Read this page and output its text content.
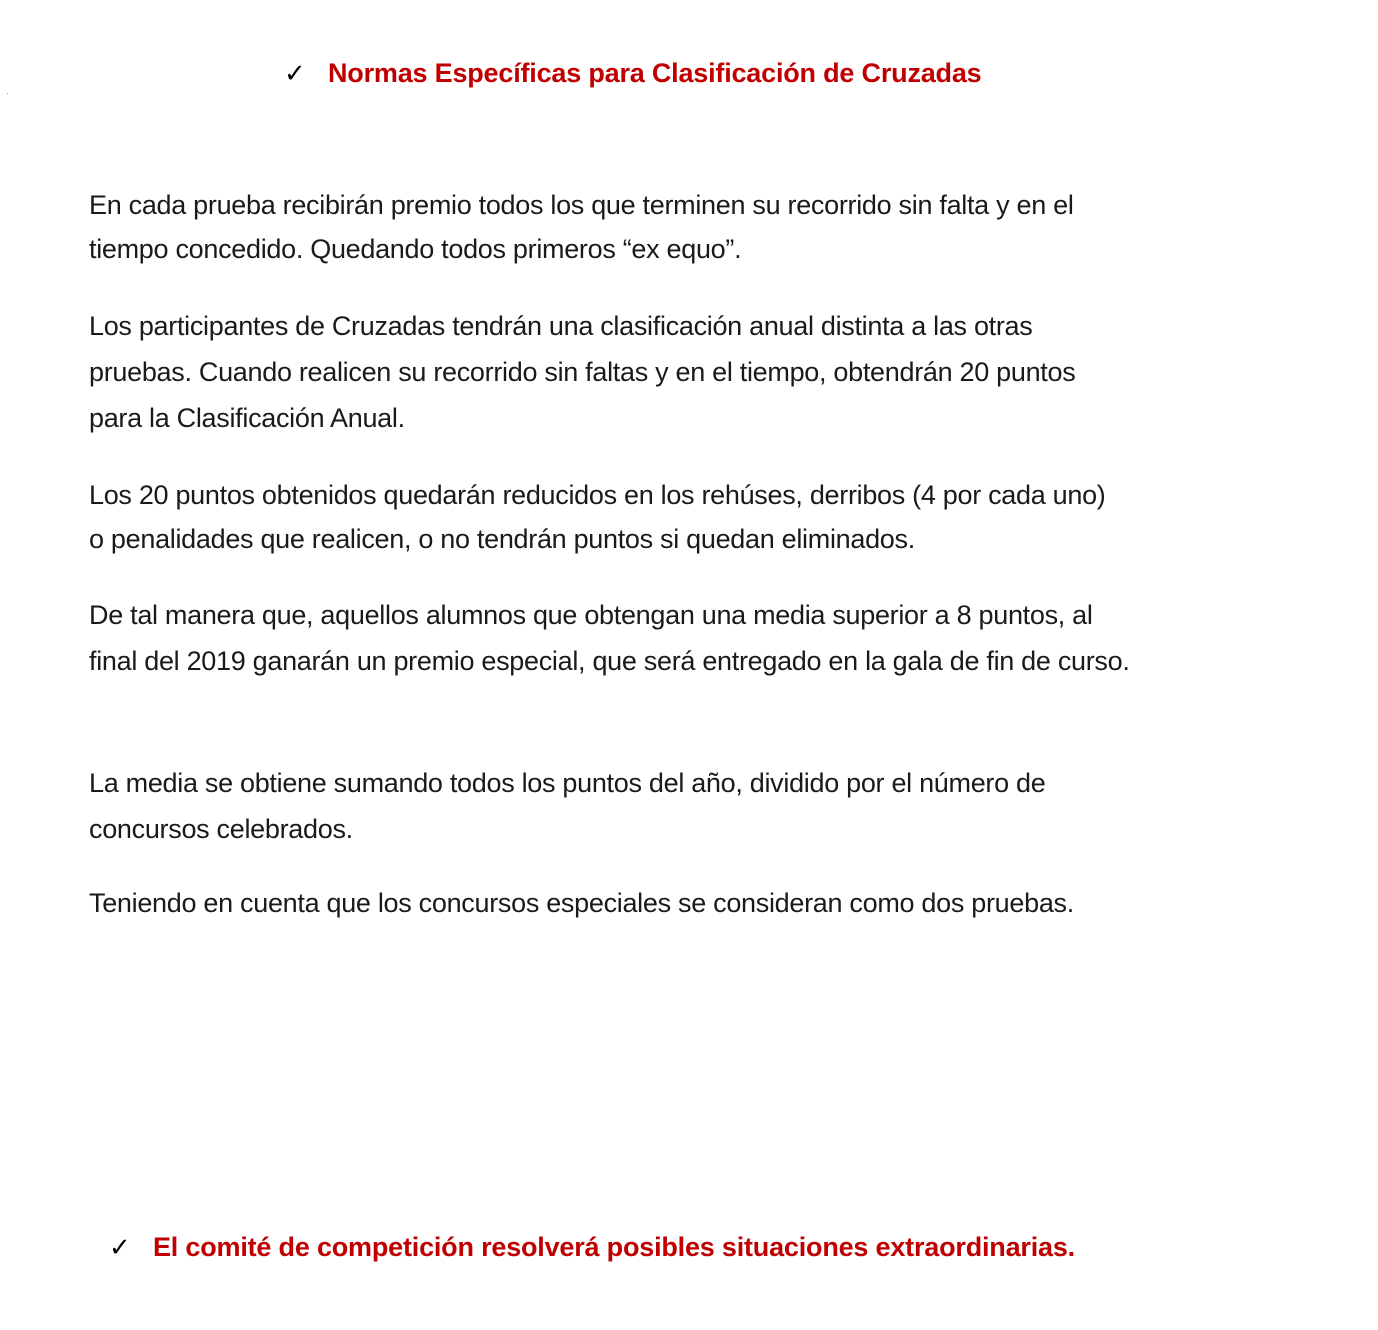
✓ Normas Específicas para Clasificación de Cruzadas

En cada prueba recibirán premio todos los que terminen su recorrido sin falta y en el
tiempo concedido. Quedando todos primeros “ex equo”.

Los participantes de Cruzadas tendrán una clasificación anual distinta a las otras
pruebas. Cuando realicen su recorrido sin faltas y en el tiempo, obtendrán 20 puntos
para la Clasificación Anual.

Los 20 puntos obtenidos quedarán reducidos en los rehúses, derribos (4 por cada uno)
o penalidades que realicen, o no tendrán puntos si quedan eliminados.

De tal manera que, aquellos alumnos que obtengan una media superior a 8 puntos, al
final del 2019 ganarán un premio especial, que será entregado en la gala de fin de curso.

La media se obtiene sumando todos los puntos del año, dividido por el número de
concursos celebrados.

Teniendo en cuenta que los concursos especiales se consideran como dos pruebas.

✓ El comité de competición resolverá posibles situaciones extraordinarias.
